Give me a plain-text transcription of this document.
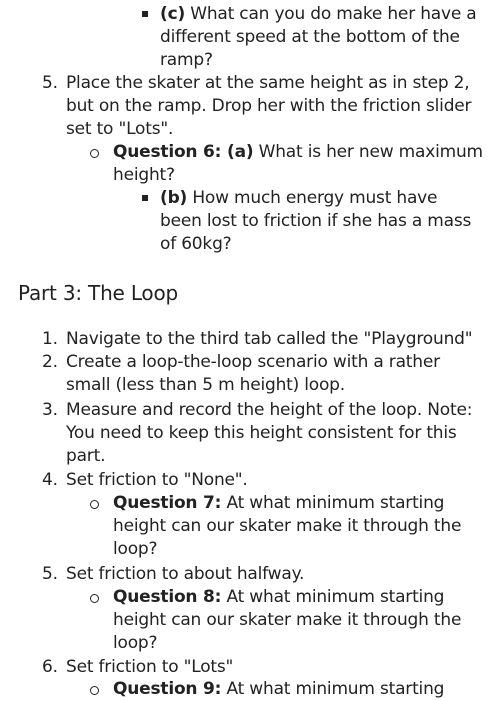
(c) What can you do make her have a
different speed at the bottom of the
ramp?
5. Place the skater at the same height as in step 2,
but on the ramp. Drop her with the friction slider
set to "Lots".
Question 6: (a) What is her new maximum
height?
(b) How much energy must have
been lost to friction if she has a mass
of 60kg?
Part 3: The Loop
1. Navigate to the third tab called the "Playground"
2. Create a loop-the-loop scenario with a rather
small (less than 5 m height) loop.
3. Measure and record the height of the loop. Note:
You need to keep this height consistent for this
part.
4. Set friction to "None".
Question 7: At what minimum starting
height can our skater make it through the
loop?
5. Set friction to about halfway.
Question 8: At what minimum starting
height can our skater make it through the
loop?
6. Set friction to "Lots"
Question 9: At what minimum starting
